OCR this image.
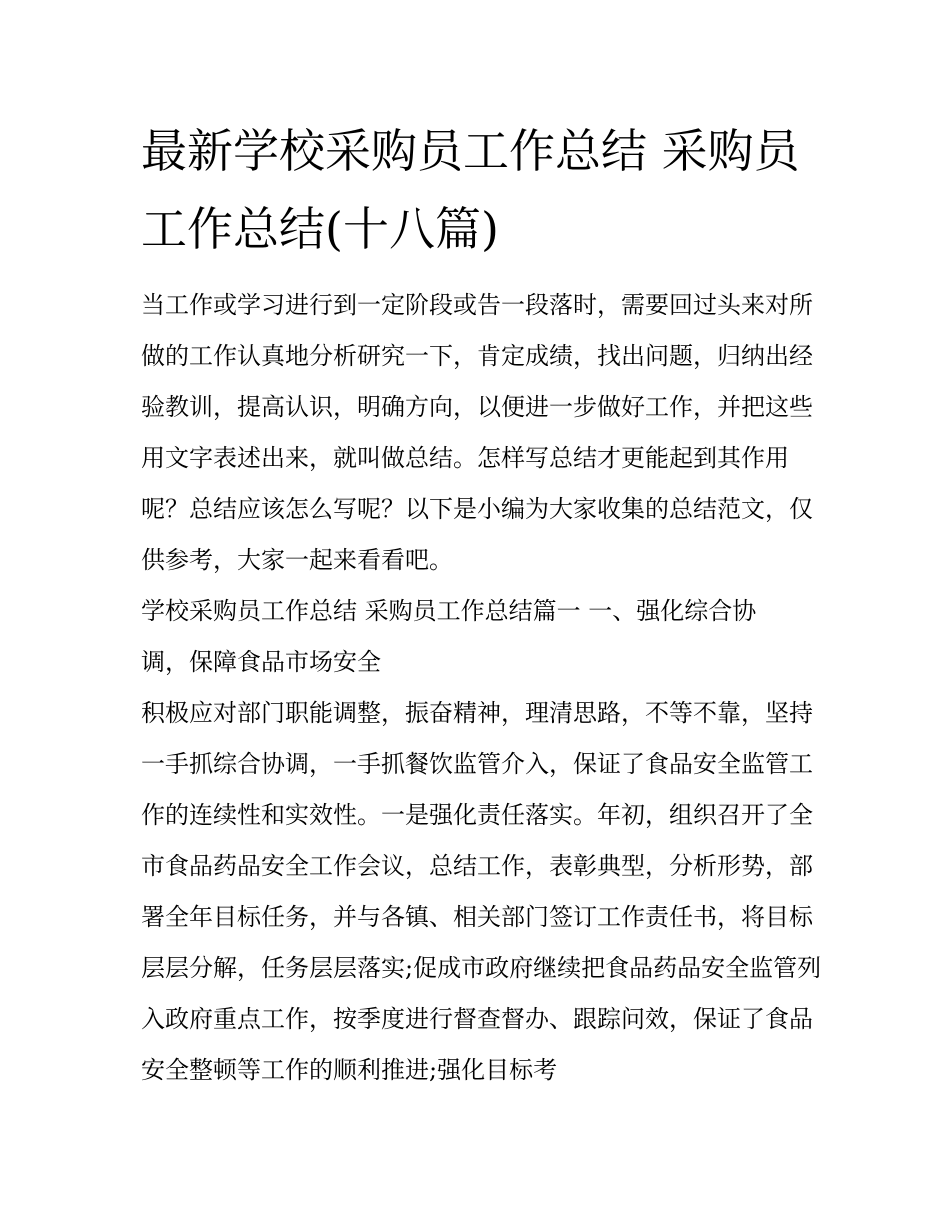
最新学校采购员工作总结 采购员工作总结(十八篇)

当工作或学习进行到一定阶段或告一段落时，需要回过头来对所做的工作认真地分析研究一下，肯定成绩，找出问题，归纳出经验教训，提高认识，明确方向，以便进一步做好工作，并把这些用文字表述出来，就叫做总结。怎样写总结才更能起到其作用呢？总结应该怎么写呢？以下是小编为大家收集的总结范文，仅供参考，大家一起来看看吧。

学校采购员工作总结 采购员工作总结篇一 一、强化综合协调，保障食品市场安全

积极应对部门职能调整，振奋精神，理清思路，不等不靠，坚持一手抓综合协调，一手抓餐饮监管介入，保证了食品安全监管工作的连续性和实效性。一是强化责任落实。年初，组织召开了全市食品药品安全工作会议，总结工作，表彰典型，分析形势，部署全年目标任务，并与各镇、相关部门签订工作责任书，将目标层层分解，任务层层落实;促成市政府继续把食品药品安全监管列入政府重点工作，按季度进行督查督办、跟踪问效，保证了食品安全整顿等工作的顺利推进;强化目标考
